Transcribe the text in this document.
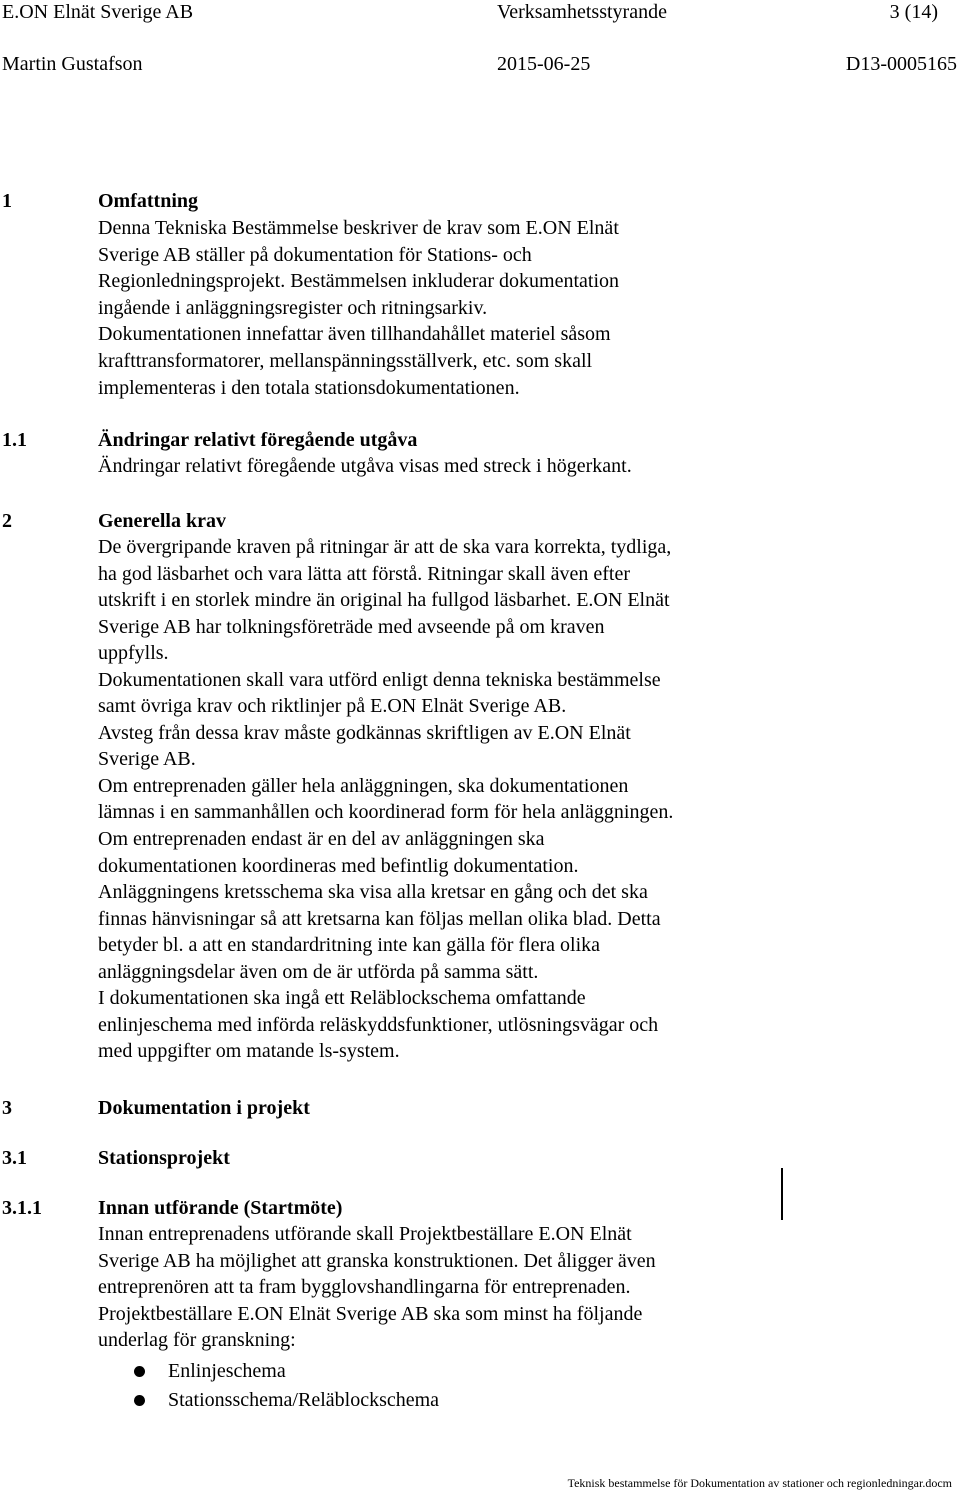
E.ON Elnät Sverige AB	Verksamhetsstyrande	3 (14)
Martin Gustafson	2015-06-25	D13-0005165
1	Omfattning
Denna Tekniska Bestämmelse beskriver de krav som E.ON Elnät
Sverige AB ställer på dokumentation för Stations- och
Regionledningsprojekt. Bestämmelsen inkluderar dokumentation
ingående i anläggningsregister och ritningsarkiv.
Dokumentationen innefattar även tillhandahållet materiel såsom
krafttransformatorer, mellanspänningsställverk, etc. som skall
implementeras i den totala stationsdokumentationen.
1.1	Ändringar relativt föregående utgåva
Ändringar relativt föregående utgåva visas med streck i högerkant.
2	Generella krav
De övergripande kraven på ritningar är att de ska vara korrekta, tydliga,
ha god läsbarhet och vara lätta att förstå. Ritningar skall även efter
utskrift i en storlek mindre än original ha fullgod läsbarhet. E.ON Elnät
Sverige AB har tolkningsföreträde med avseende på om kraven
uppfylls.
Dokumentationen skall vara utförd enligt denna tekniska bestämmelse
samt övriga krav och riktlinjer på E.ON Elnät Sverige AB.
Avsteg från dessa krav måste godkännas skriftligen av E.ON Elnät
Sverige AB.
Om entreprenaden gäller hela anläggningen, ska dokumentationen
lämnas i en sammanhållen och koordinerad form för hela anläggningen.
Om entreprenaden endast är en del av anläggningen ska
dokumentationen koordineras med befintlig dokumentation.
Anläggningens kretsschema ska visa alla kretsar en gång och det ska
finnas hänvisningar så att kretsarna kan följas mellan olika blad. Detta
betyder bl. a att en standardritning inte kan gälla för flera olika
anläggningsdelar även om de är utförda på samma sätt.
I dokumentationen ska ingå ett Reläblockschema omfattande
enlinjeschema med införda reläskyddsfunktioner, utlösningsvägar och
med uppgifter om matande ls-system.
3	Dokumentation i projekt
3.1	Stationsprojekt
3.1.1	Innan utförande (Startmöte)
Innan entreprenadens utförande skall Projektbeställare E.ON Elnät
Sverige AB ha möjlighet att granska konstruktionen. Det åligger även
entreprenören att ta fram bygglovshandlingarna för entreprenaden.
Projektbeställare E.ON Elnät Sverige AB ska som minst ha följande
underlag för granskning:
Enlinjeschema
Stationsschema/Reläblockschema
Teknisk bestammelse för Dokumentation av stationer och regionledningar.docm
